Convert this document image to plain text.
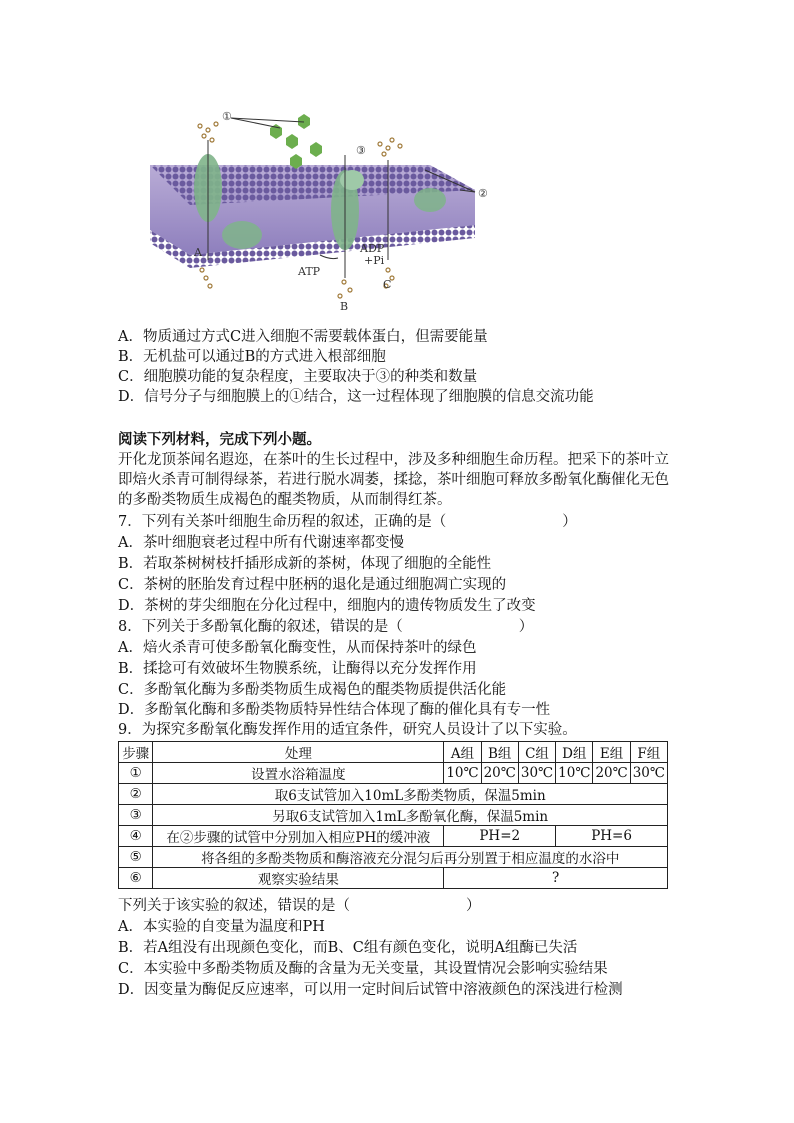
①
②
③
A
B
C
ATP
ADP
+Pi
A．物质通过方式C进入细胞不需要载体蛋白，但需要能量
B．无机盐可以通过B的方式进入根部细胞
C．细胞膜功能的复杂程度，主要取决于③的种类和数量
D．信号分子与细胞膜上的①结合，这一过程体现了细胞膜的信息交流功能
阅读下列材料，完成下列小题。
开化龙顶茶闻名遐迩，在茶叶的生长过程中，涉及多种细胞生命历程。把采下的茶叶立即焙火杀青可制得绿茶，若进行脱水凋萎，揉捻，茶叶细胞可释放多酚氧化酶催化无色的多酚类物质生成褐色的醌类物质，从而制得红茶。
7．下列有关茶叶细胞生命历程的叙述，正确的是（　　　　　　　　）
A．茶叶细胞衰老过程中所有代谢速率都变慢
B．若取茶树树枝扦插形成新的茶树，体现了细胞的全能性
C．茶树的胚胎发育过程中胚柄的退化是通过细胞凋亡实现的
D．茶树的芽尖细胞在分化过程中，细胞内的遗传物质发生了改变
8．下列关于多酚氧化酶的叙述，错误的是（　　　　　　　　）
A．焙火杀青可使多酚氧化酶变性，从而保持茶叶的绿色
B．揉捻可有效破坏生物膜系统，让酶得以充分发挥作用
C．多酚氧化酶为多酚类物质生成褐色的醌类物质提供活化能
D．多酚氧化酶和多酚类物质特异性结合体现了酶的催化具有专一性
9．为探究多酚氧化酶发挥作用的适宜条件，研究人员设计了以下实验。
步骤	处理	A组	B组	C组	D组	E组	F组
①	设置水浴箱温度	10℃	20℃	30℃	10℃	20℃	30℃
②	取6支试管加入10mL多酚类物质，保温5min						
③	另取6支试管加入1mL多酚氧化酶，保温5min						
④	在②步骤的试管中分别加入相应PH的缓冲液	PH=2			PH=6		
⑤	将各组的多酚类物质和酶溶液充分混匀后再分别置于相应温度的水浴中						
⑥	观察实验结果	?					
下列关于该实验的叙述，错误的是（　　　　　　　　）
A．本实验的自变量为温度和PH
B．若A组没有出现颜色变化，而B、C组有颜色变化，说明A组酶已失活
C．本实验中多酚类物质及酶的含量为无关变量，其设置情况会影响实验结果
D．因变量为酶促反应速率，可以用一定时间后试管中溶液颜色的深浅进行检测
